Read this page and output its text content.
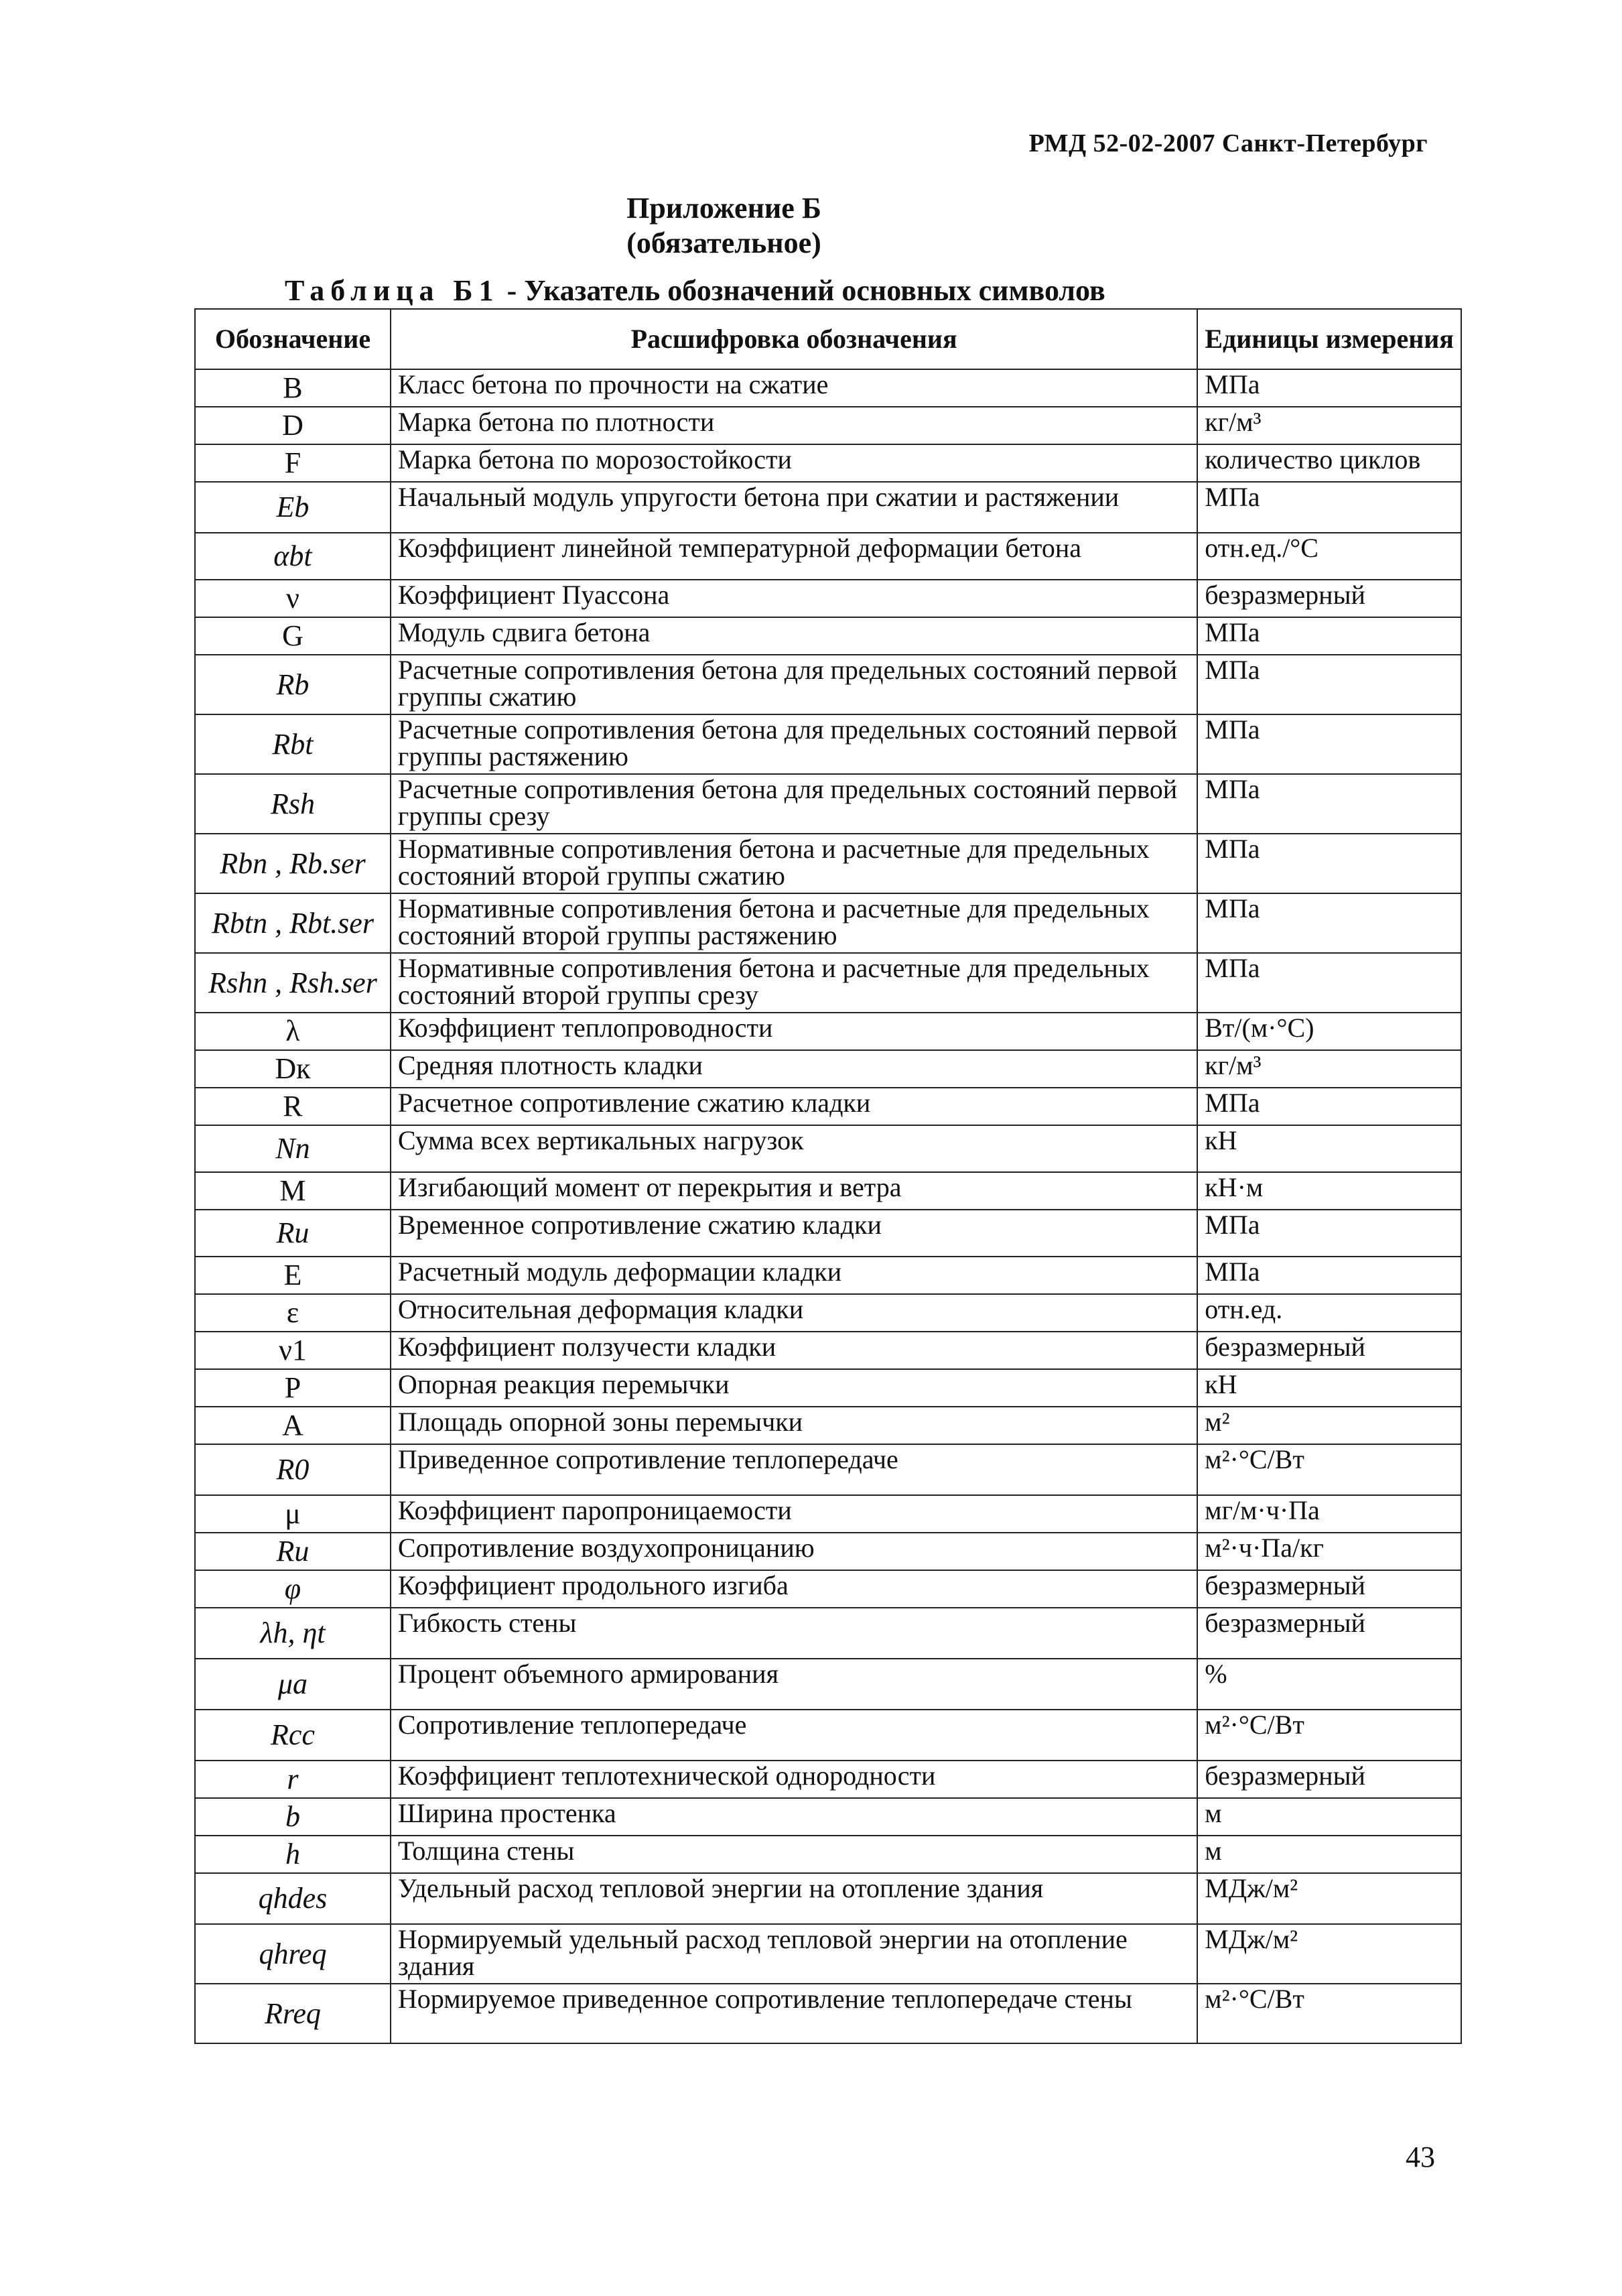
РМД 52-02-2007 Санкт-Петербург
Приложение Б
(обязательное)
Таблица Б1 - Указатель обозначений основных символов
Обозначение	Расшифровка обозначения	Единицы измерения
B	Класс бетона по прочности на сжатие	МПа
D	Марка бетона по плотности	кг/м³
F	Марка бетона по морозостойкости	количество циклов
Eb	Начальный модуль упругости бетона при сжатии и растяжении	МПа
αbt	Коэффициент линейной температурной деформации бетона	отн.ед./°С
ν	Коэффициент Пуассона	безразмерный
G	Модуль сдвига бетона	МПа
Rb	Расчетные сопротивления бетона для предельных состояний первой группы сжатию	МПа
Rbt	Расчетные сопротивления бетона для предельных состояний первой группы растяжению	МПа
Rsh	Расчетные сопротивления бетона для предельных состояний первой группы срезу	МПа
Rbn , Rb.ser	Нормативные сопротивления бетона и расчетные для предельных состояний второй группы сжатию	МПа
Rbtn , Rbt.ser	Нормативные сопротивления бетона и расчетные для предельных состояний второй группы растяжению	МПа
Rshn , Rsh.ser	Нормативные сопротивления бетона и расчетные для предельных состояний второй группы срезу	МПа
λ	Коэффициент теплопроводности	Вт/(м·°С)
Dк	Средняя плотность кладки	кг/м³
R	Расчетное сопротивление сжатию кладки	МПа
Nn	Сумма всех вертикальных нагрузок	кН
M	Изгибающий момент от перекрытия и ветра	кН·м
Ru	Временное сопротивление сжатию кладки	МПа
E	Расчетный модуль деформации кладки	МПа
ε	Относительная деформация кладки	отн.ед.
ν1	Коэффициент ползучести кладки	безразмерный
P	Опорная реакция перемычки	кН
A	Площадь опорной зоны перемычки	м²
R0	Приведенное сопротивление теплопередаче	м²·°С/Вт
μ	Коэффициент паропроницаемости	мг/м·ч·Па
Ru	Сопротивление воздухопроницанию	м²·ч·Па/кг
φ	Коэффициент продольного изгиба	безразмерный
λh, ηt	Гибкость стены	безразмерный
μa	Процент объемного армирования	%
Rcc	Сопротивление теплопередаче	м²·°С/Вт
r	Коэффициент теплотехнической однородности	безразмерный
b	Ширина простенка	м
h	Толщина стены	м
qhdes	Удельный расход тепловой энергии на отопление здания	МДж/м²
qhreq	Нормируемый удельный расход тепловой энергии на отопление здания	МДж/м²
Rreq	Нормируемое приведенное сопротивление теплопередаче стены	м²·°С/Вт
43
